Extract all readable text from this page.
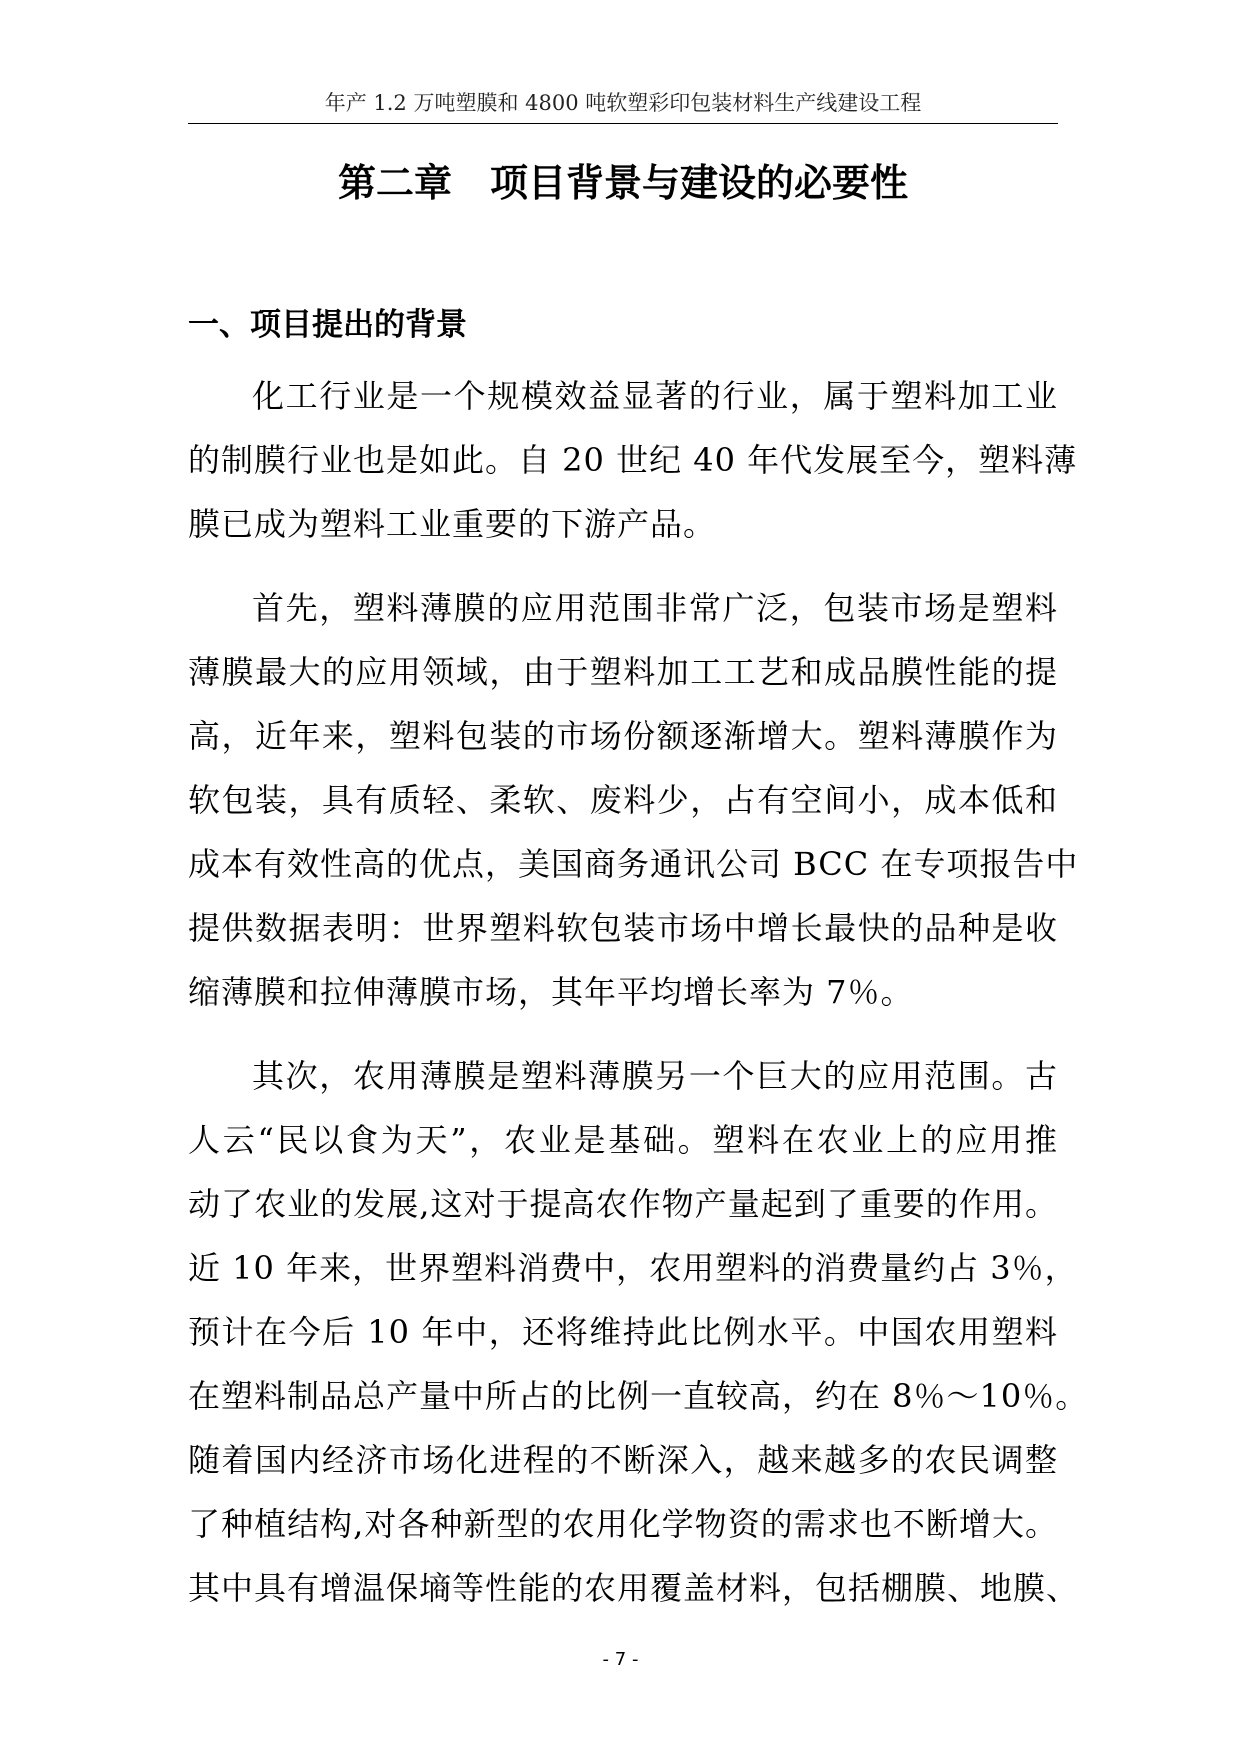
年产 1.2 万吨塑膜和 4800 吨软塑彩印包装材料生产线建设工程
第二章　项目背景与建设的必要性
一、项目提出的背景
化工行业是一个规模效益显著的行业，属于塑料加工业
的制膜行业也是如此。自 20 世纪 40 年代发展至今，塑料薄
膜已成为塑料工业重要的下游产品。
首先，塑料薄膜的应用范围非常广泛，包装市场是塑料
薄膜最大的应用领域，由于塑料加工工艺和成品膜性能的提
高，近年来，塑料包装的市场份额逐渐增大。塑料薄膜作为
软包装，具有质轻、柔软、废料少，占有空间小，成本低和
成本有效性高的优点，美国商务通讯公司 BCC 在专项报告中
提供数据表明：世界塑料软包装市场中增长最快的品种是收
缩薄膜和拉伸薄膜市场，其年平均增长率为 7％。
其次，农用薄膜是塑料薄膜另一个巨大的应用范围。古
人云“民以食为天”，农业是基础。塑料在农业上的应用推
动了农业的发展,这对于提高农作物产量起到了重要的作用。
近 10 年来，世界塑料消费中，农用塑料的消费量约占 3％，
预计在今后 10 年中，还将维持此比例水平。中国农用塑料
在塑料制品总产量中所占的比例一直较高，约在 8％～10％。
随着国内经济市场化进程的不断深入，越来越多的农民调整
了种植结构,对各种新型的农用化学物资的需求也不断增大。
其中具有增温保墒等性能的农用覆盖材料，包括棚膜、地膜、
- 7 -
